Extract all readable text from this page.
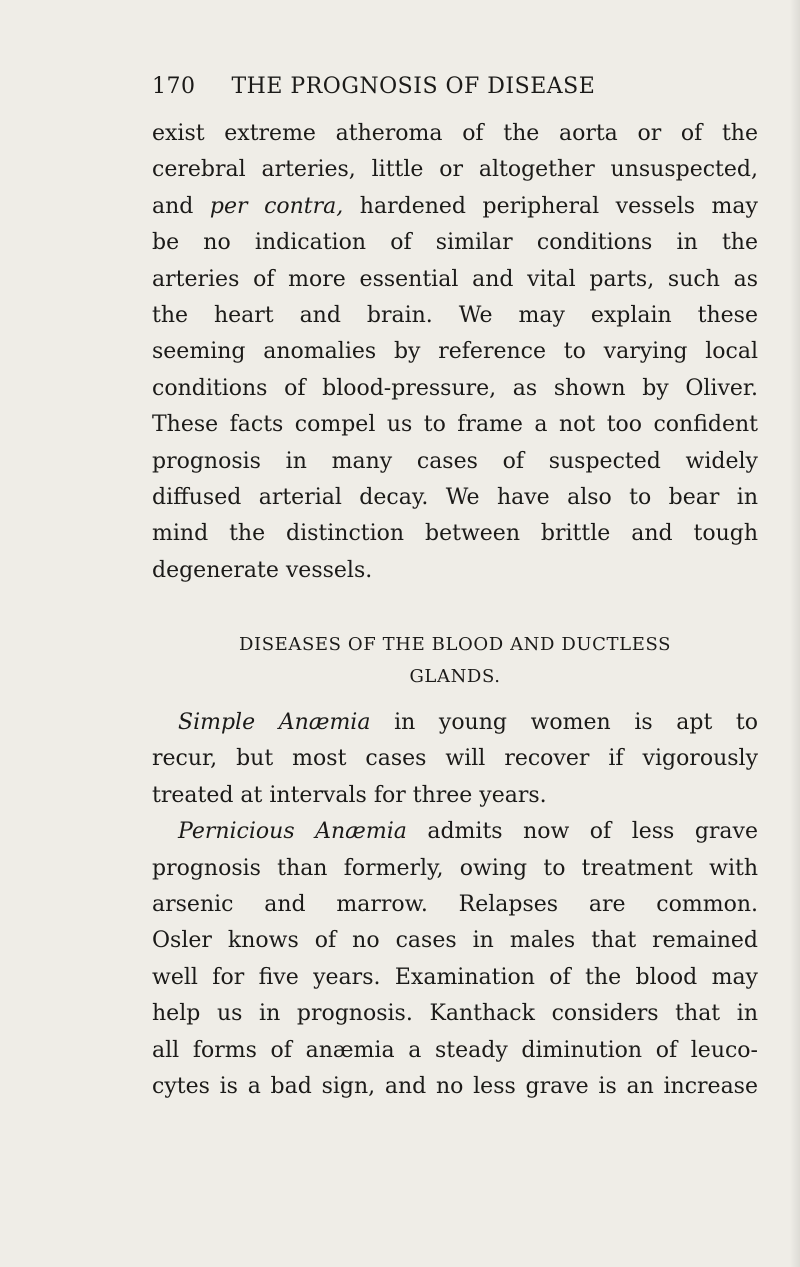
170 THE PROGNOSIS OF DISEASE
exist extreme atheroma of the aorta or of the
cerebral arteries, little or altogether unsuspected,
and per contra, hardened peripheral vessels may
be no indication of similar conditions in the
arteries of more essential and vital parts, such as
the heart and brain. We may explain these
seeming anomalies by reference to varying local
conditions of blood-pressure, as shown by Oliver.
These facts compel us to frame a not too confident
prognosis in many cases of suspected widely
diffused arterial decay. We have also to bear in
mind the distinction between brittle and tough
degenerate vessels.
DISEASES OF THE BLOOD AND DUCTLESS
GLANDS.
Simple Anæmia in young women is apt to
recur, but most cases will recover if vigorously
treated at intervals for three years.
Pernicious Anæmia admits now of less grave
prognosis than formerly, owing to treatment with
arsenic and marrow. Relapses are common.
Osler knows of no cases in males that remained
well for five years. Examination of the blood may
help us in prognosis. Kanthack considers that in
all forms of anæmia a steady diminution of leuco-
cytes is a bad sign, and no less grave is an increase
